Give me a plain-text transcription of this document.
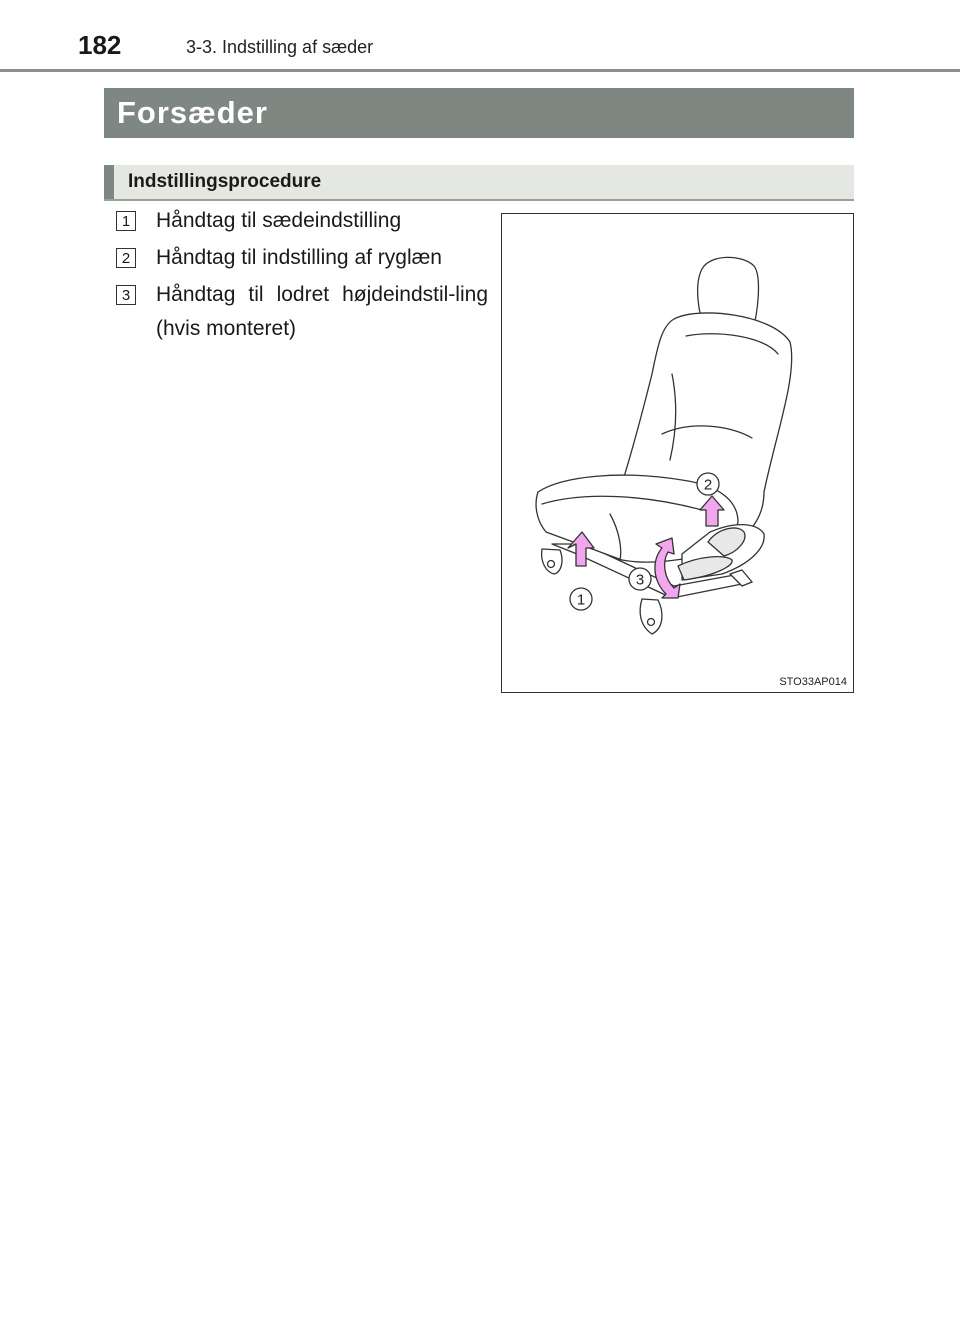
182	3-3. Indstilling af sæder
Forsæder
Indstillingsprocedure
1 Håndtag til sædeindstilling
2 Håndtag til indstilling af ryglæn
3 Håndtag til lodret højdeindstil-ling (hvis monteret)
1
2
3
STO33AP014
